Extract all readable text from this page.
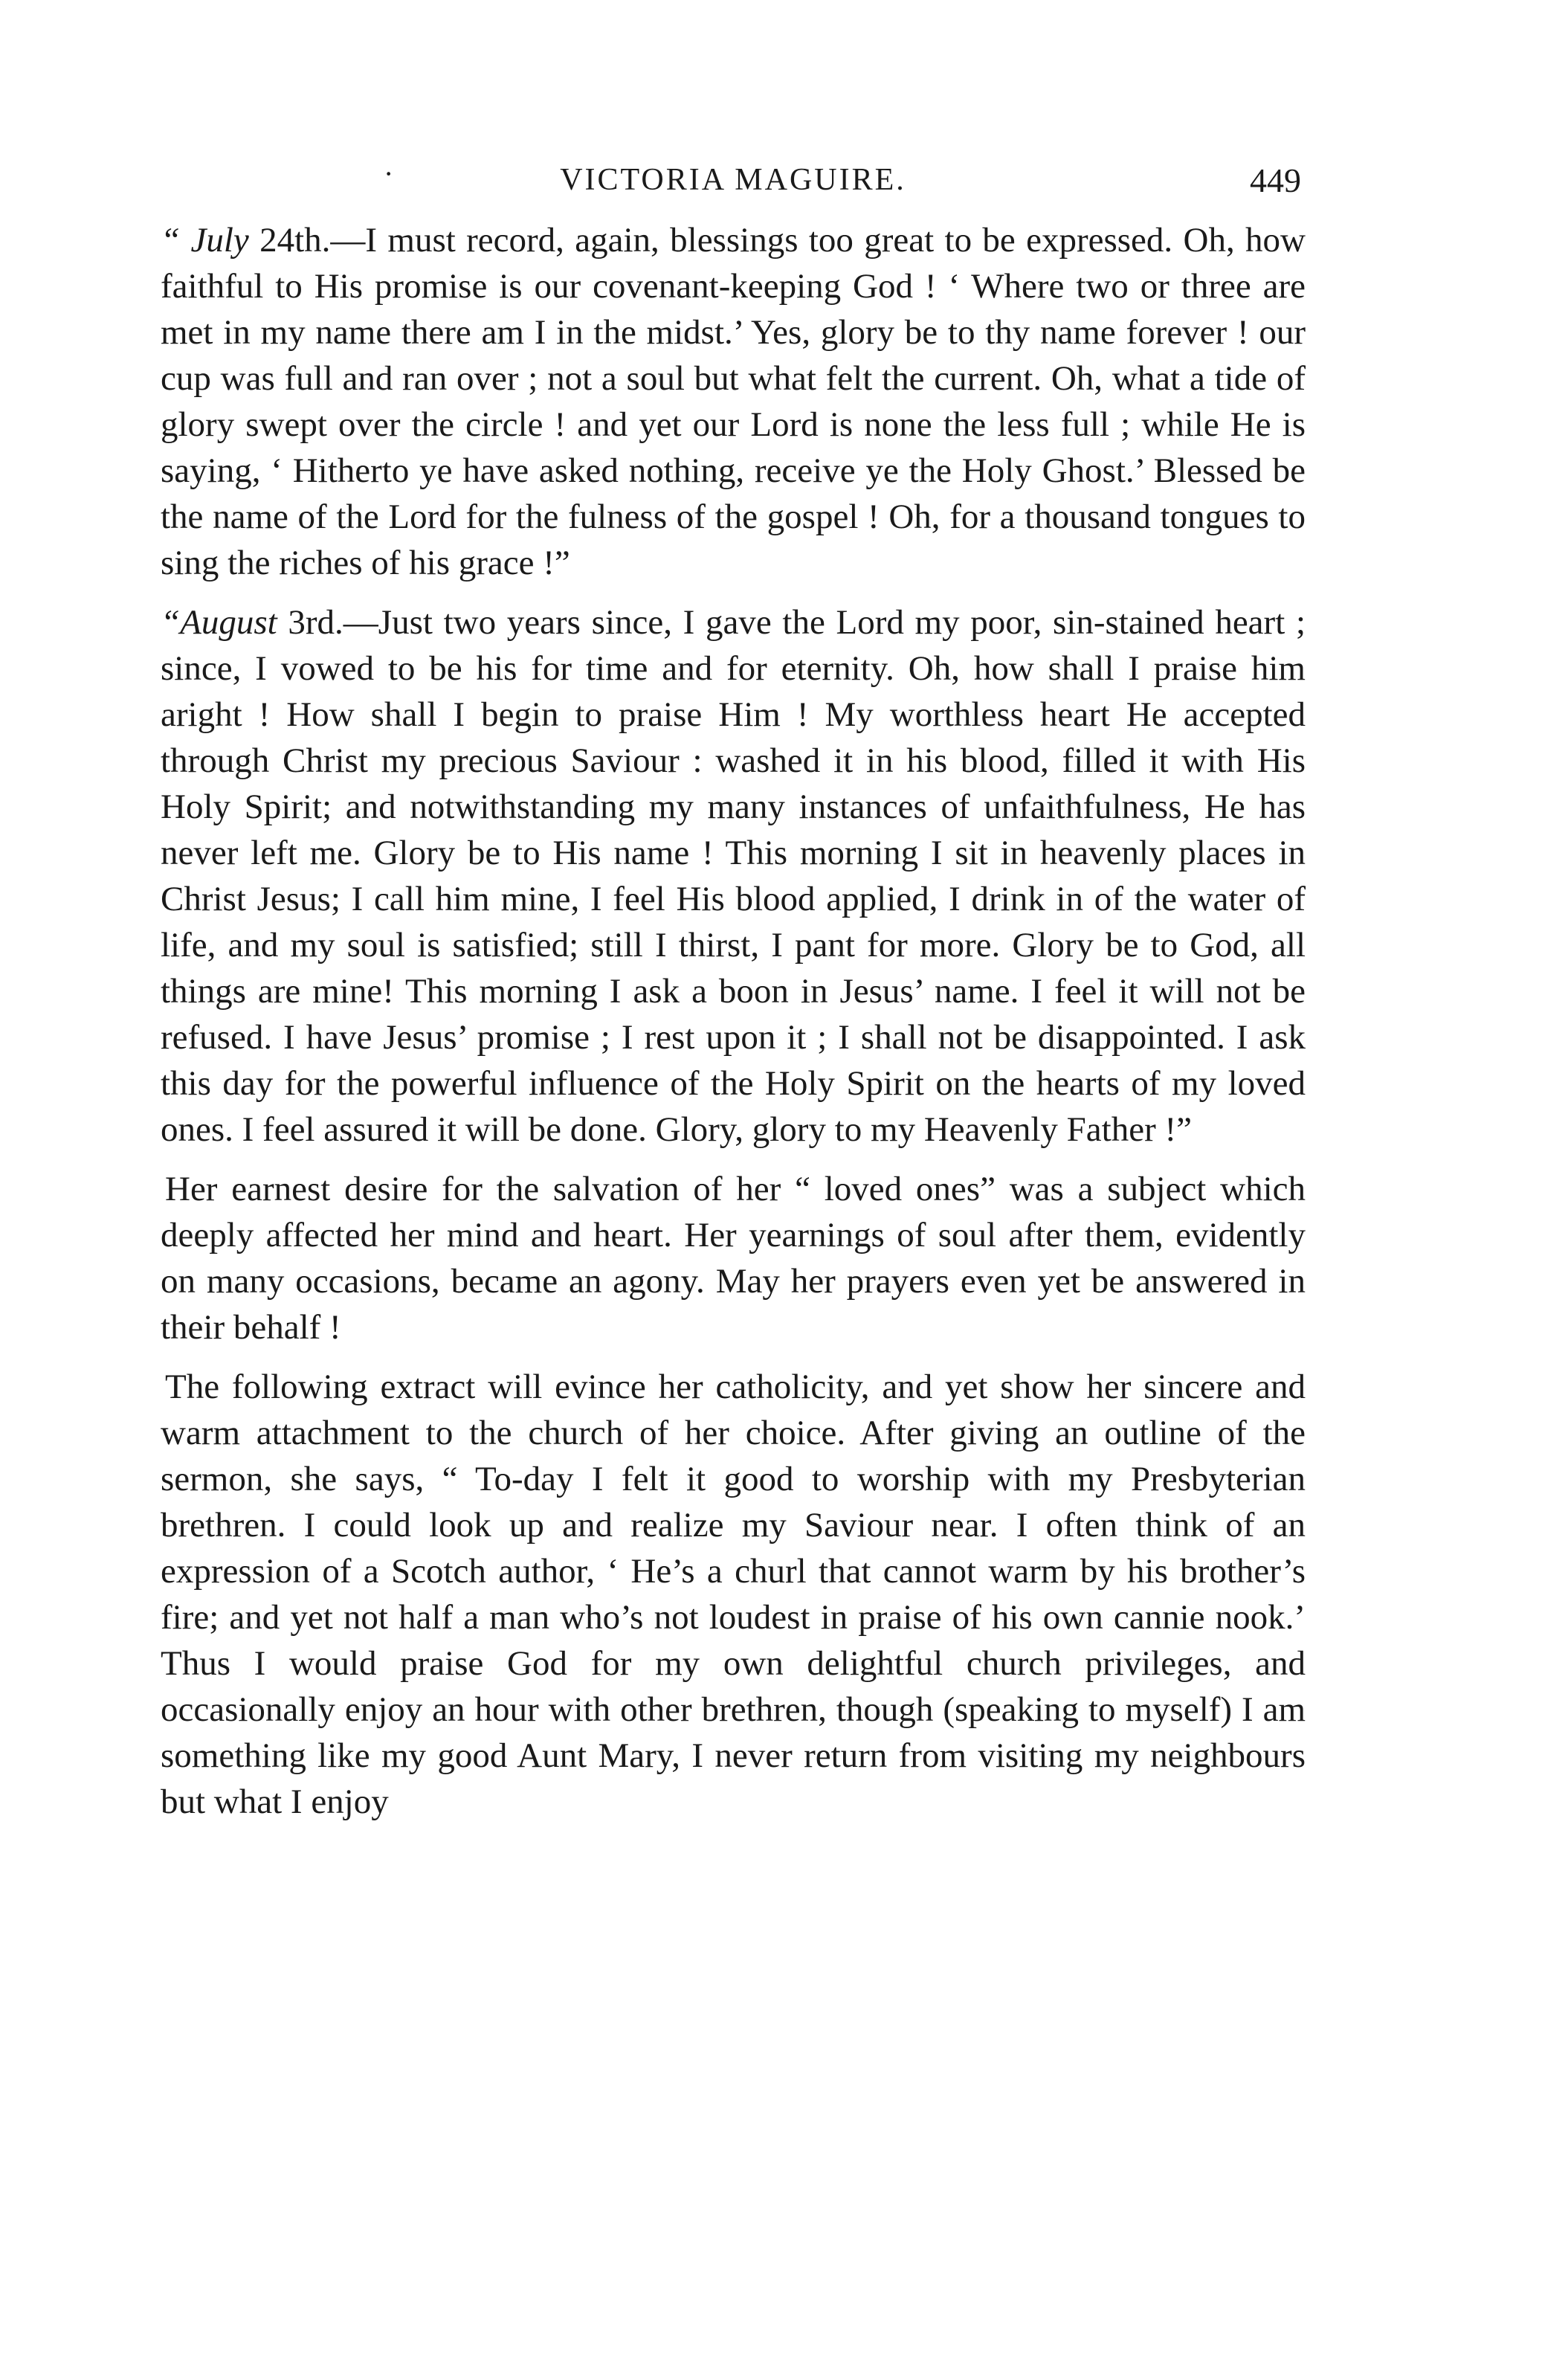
·	VICTORIA MAGUIRE.	449

“ July 24th.—I must record, again, blessings too great to be expressed. Oh, how faithful to His promise is our covenant-keeping God ! ‘ Where two or three are met in my name there am I in the midst.’ Yes, glory be to thy name forever ! our cup was full and ran over ; not a soul but what felt the current. Oh, what a tide of glory swept over the circle ! and yet our Lord is none the less full ; while He is saying, ‘ Hitherto ye have asked nothing, receive ye the Holy Ghost.’ Blessed be the name of the Lord for the fulness of the gospel ! Oh, for a thousand tongues to sing the riches of his grace !”

“August 3rd.—Just two years since, I gave the Lord my poor, sin-stained heart ; since, I vowed to be his for time and for eternity. Oh, how shall I praise him aright ! How shall I begin to praise Him ! My worthless heart He accepted through Christ my precious Saviour : washed it in his blood, filled it with His Holy Spirit; and notwithstanding my many instances of unfaithfulness, He has never left me. Glory be to His name ! This morning I sit in heavenly places in Christ Jesus; I call him mine, I feel His blood applied, I drink in of the water of life, and my soul is satisfied; still I thirst, I pant for more. Glory be to God, all things are mine! This morning I ask a boon in Jesus’ name. I feel it will not be refused. I have Jesus’ promise ; I rest upon it ; I shall not be disappointed. I ask this day for the powerful influence of the Holy Spirit on the hearts of my loved ones. I feel assured it will be done. Glory, glory to my Heavenly Father !”

Her earnest desire for the salvation of her “ loved ones” was a subject which deeply affected her mind and heart. Her yearnings of soul after them, evidently on many occasions, became an agony. May her prayers even yet be answered in their behalf !

The following extract will evince her catholicity, and yet show her sincere and warm attachment to the church of her choice. After giving an outline of the sermon, she says, “ To-day I felt it good to worship with my Presbyterian brethren. I could look up and realize my Saviour near. I often think of an expression of a Scotch author, ‘ He’s a churl that cannot warm by his brother’s fire; and yet not half a man who’s not loudest in praise of his own cannie nook.’ Thus I would praise God for my own delightful church privileges, and occasionally enjoy an hour with other brethren, though (speaking to myself) I am something like my good Aunt Mary, I never return from visiting my neighbours but what I enjoy
